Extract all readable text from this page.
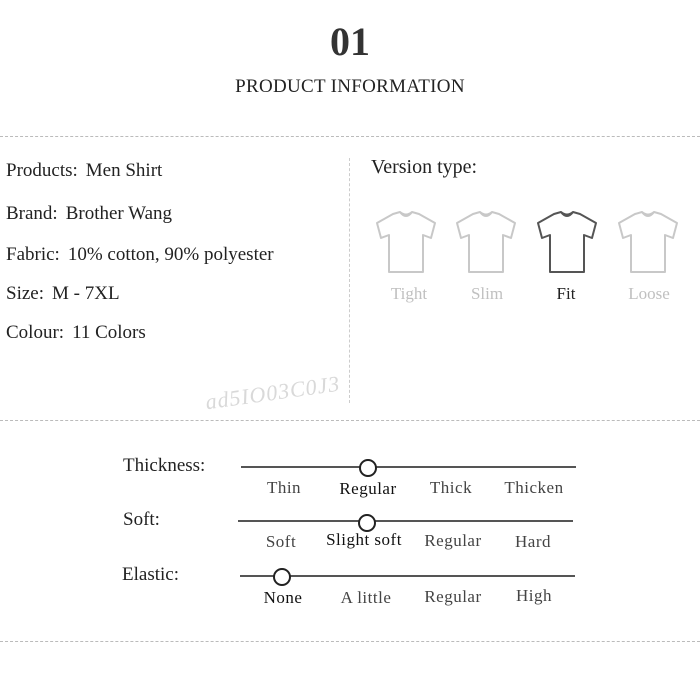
01
PRODUCT INFORMATION
Products: Men Shirt
Brand: Brother Wang
Fabric: 10% cotton, 90% polyester
Size: M - 7XL
Colour: 11 Colors
Version type:
Tight	Slim	Fit	Loose
ad5IO03C0J3
Thickness:
Thin	Regular	Thick	Thicken
Soft:
Soft	Slight soft	Regular	Hard
Elastic:
None	A little	Regular	High
